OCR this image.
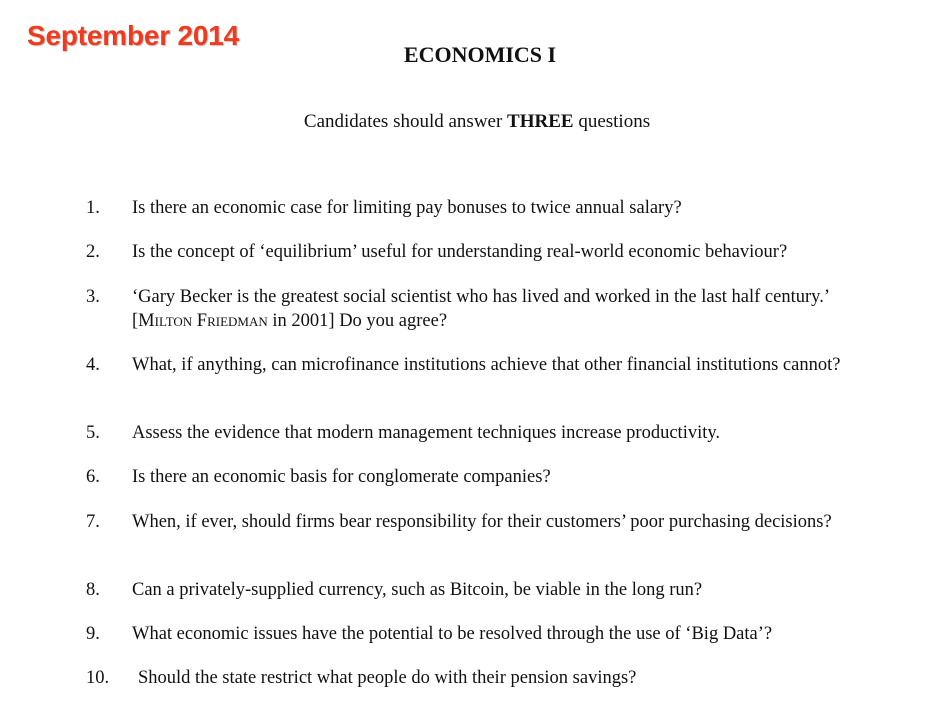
September 2014
ECONOMICS I
Candidates should answer THREE questions
1. Is there an economic case for limiting pay bonuses to twice annual salary?
2. Is the concept of ‘equilibrium’ useful for understanding real-world economic behaviour?
3. ‘Gary Becker is the greatest social scientist who has lived and worked in the last half century.’ [Milton Friedman in 2001] Do you agree?
4. What, if anything, can microfinance institutions achieve that other financial institutions cannot?
5. Assess the evidence that modern management techniques increase productivity.
6. Is there an economic basis for conglomerate companies?
7. When, if ever, should firms bear responsibility for their customers’ poor purchasing decisions?
8. Can a privately-supplied currency, such as Bitcoin, be viable in the long run?
9. What economic issues have the potential to be resolved through the use of ‘Big Data’?
10. Should the state restrict what people do with their pension savings?
